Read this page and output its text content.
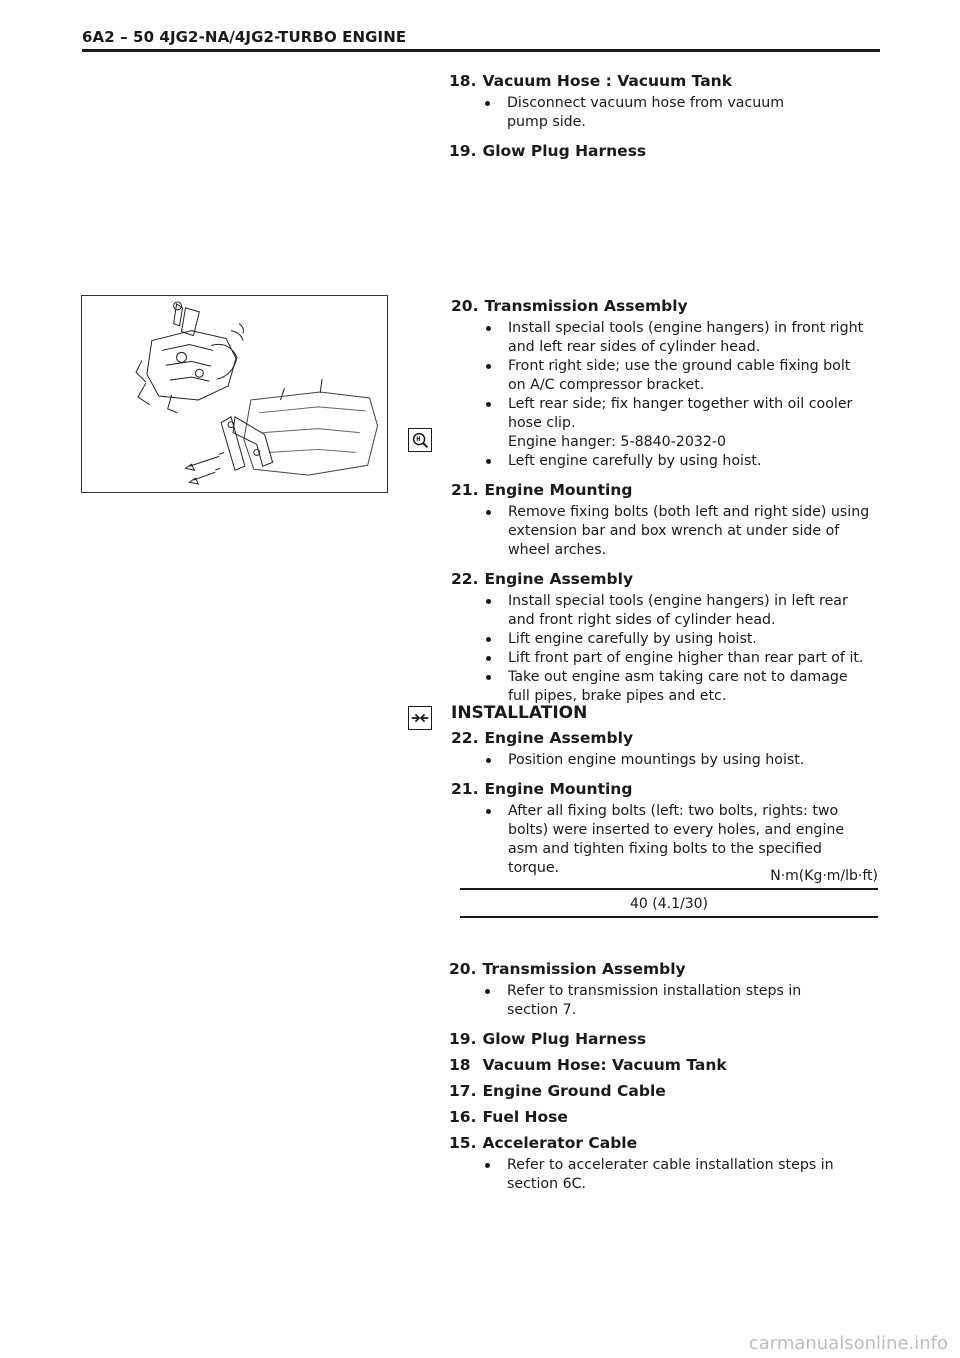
6A2 – 50 4JG2-NA/4JG2-TURBO ENGINE
18. Vacuum Hose : Vacuum Tank
Disconnect vacuum hose from vacuum pump side.
19. Glow Plug Harness
20. Transmission Assembly
Install special tools (engine hangers) in front right and left rear sides of cylinder head.
Front right side; use the ground cable fixing bolt on A/C compressor bracket.
Left rear side; fix hanger together with oil cooler hose clip.
Engine hanger: 5-8840-2032-0
Left engine carefully by using hoist.
21. Engine Mounting
Remove fixing bolts (both left and right side) using extension bar and box wrench at under side of wheel arches.
22. Engine Assembly
Install special tools (engine hangers) in left rear and front right sides of cylinder head.
Lift engine carefully by using hoist.
Lift front part of engine higher than rear part of it.
Take out engine asm taking care not to damage full pipes, brake pipes and etc.
INSTALLATION
22. Engine Assembly
Position engine mountings by using hoist.
21. Engine Mounting
After all fixing bolts (left: two bolts, rights: two bolts) were inserted to every holes, and engine asm and tighten fixing bolts to the specified torque.	N·m(Kg·m/lb·ft)
40 (4.1/30)
20. Transmission Assembly
Refer to transmission installation steps in section 7.
19. Glow Plug Harness
18 Vacuum Hose: Vacuum Tank
17. Engine Ground Cable
16. Fuel Hose
15. Accelerator Cable
Refer to accelerater cable installation steps in section 6C.
carmanualsonline.info
